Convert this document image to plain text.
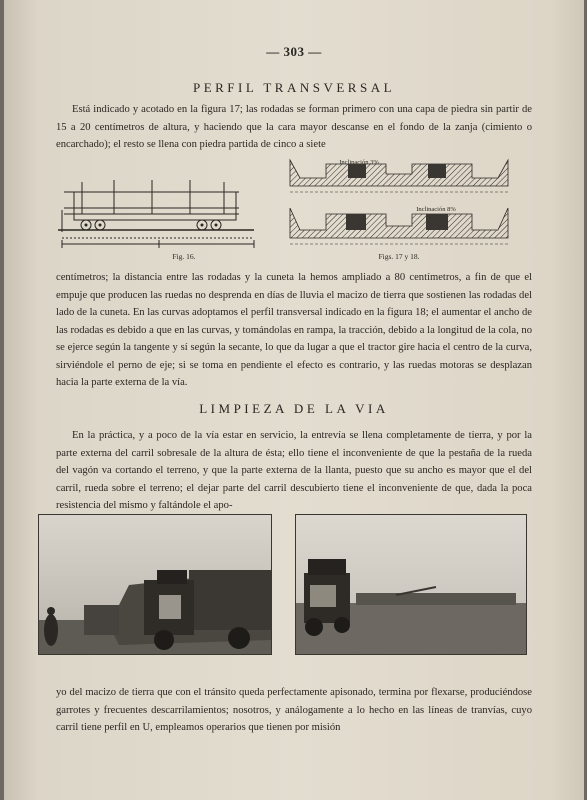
— 303 —
PERFIL TRANSVERSAL

Está indicado y acotado en la figura 17; las rodadas se forman primero con una capa de piedra sin partir de 15 a 20 centímetros de altura, y haciendo que la cara mayor descanse en el fondo de la zanja (cimiento o encarchado); el resto se llena con piedra partida de cinco a siete

Fig. 16.
Inclinación 3%
Inclinación 8%
Figs. 17 y 18.

centímetros; la distancia entre las rodadas y la cuneta la hemos ampliado a 80 centímetros, a fin de que el empuje que producen las ruedas no desprenda en días de lluvia el macizo de tierra que sostienen las rodadas del lado de la cuneta. En las curvas adoptamos el perfil transversal indicado en la figura 18; el aumentar el ancho de las rodadas es debido a que en las curvas, y tomándolas en rampa, la tracción, debido a la longitud de la cola, no se ejerce según la tangente y sí según la secante, lo que da lugar a que el tractor gire hacia el centro de la curva, sirviéndole el perno de eje; si se toma en pendiente el efecto es contrario, y las ruedas motoras se desplazan hacia la parte externa de la vía.

LIMPIEZA DE LA VIA

En la práctica, y a poco de la vía estar en servicio, la entrevía se llena completamente de tierra, y por la parte externa del carril sobresale de la altura de ésta; ello tiene el inconveniente de que la pestaña de la rueda del vagón va cortando el terreno, y que la parte externa de la llanta, puesto que su ancho es mayor que el del carril, rueda sobre el terreno; el dejar parte del carril descubierto tiene el inconveniente de que, dada la poca resistencia del mismo y faltándole el apo-

yo del macizo de tierra que con el tránsito queda perfectamente apisonado, termina por flexarse, produciéndose garrotes y frecuentes descarrilamientos; nosotros, y análogamente a lo hecho en las líneas de tranvías, cuyo carril tiene perfil en U, empleamos operarios que tienen por misión
